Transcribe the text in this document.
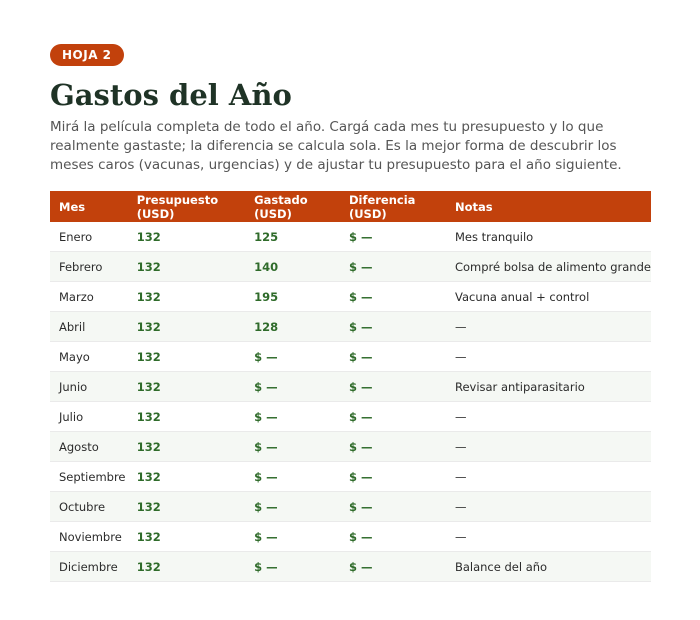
HOJA 2
Gastos del Año

Mirá la película completa de todo el año. Cargá cada mes tu presupuesto y lo que realmente gastaste; la diferencia se calcula sola. Es la mejor forma de descubrir los meses caros (vacunas, urgencias) y de ajustar tu presupuesto para el año siguiente.

Mes	Presupuesto (USD)	Gastado (USD)	Diferencia (USD)	Notas
Enero	132	125	$ —	Mes tranquilo
Febrero	132	140	$ —	Compré bolsa de alimento grande
Marzo	132	195	$ —	Vacuna anual + control
Abril	132	128	$ —	—
Mayo	132	$ —	$ —	—
Junio	132	$ —	$ —	Revisar antiparasitario
Julio	132	$ —	$ —	—
Agosto	132	$ —	$ —	—
Septiembre	132	$ —	$ —	—
Octubre	132	$ —	$ —	—
Noviembre	132	$ —	$ —	—
Diciembre	132	$ —	$ —	Balance del año
